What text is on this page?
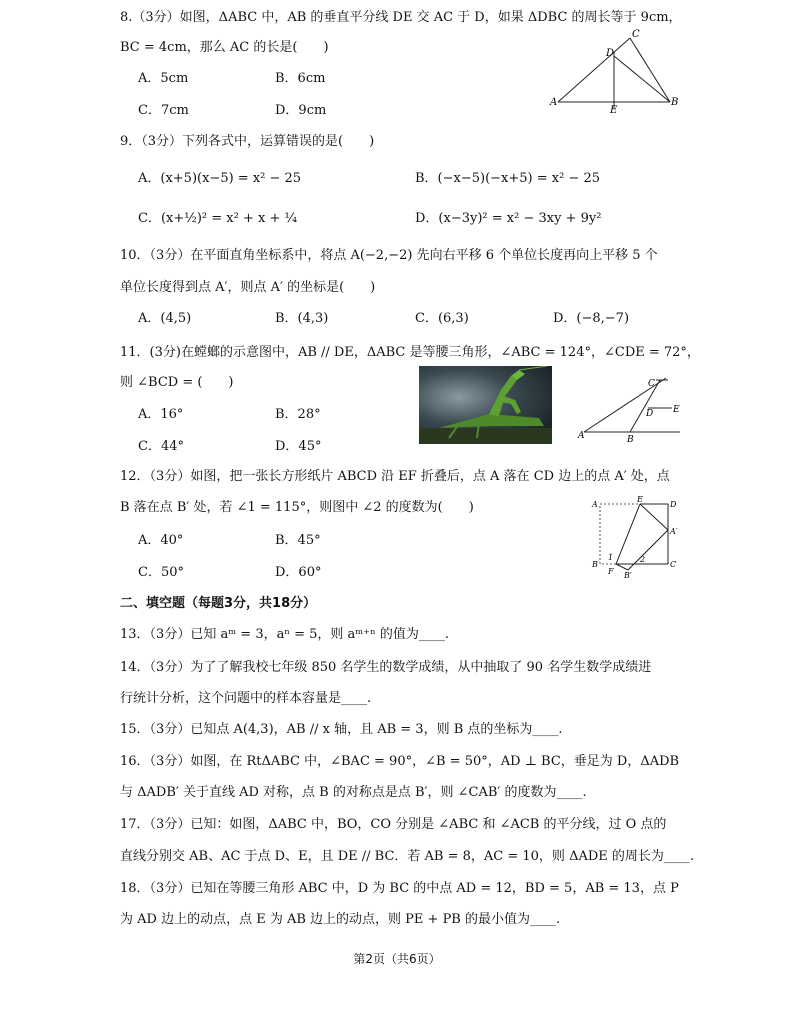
8.（3分）如图，ΔABC 中，AB 的垂直平分线 DE 交 AC 于 D，如果 ΔDBC 的周长等于 9cm，
BC = 4cm，那么 AC 的长是(　　)
A．5cm	B．6cm
C．7cm	D．9cm
C
D
A
E
B
9．（3分）下列各式中，运算错误的是(　　)
A．(x+5)(x−5) = x² − 25	B．(−x−5)(−x+5) = x² − 25
C．(x+½)² = x² + x + ¼	D．(x−3y)² = x² − 3xy + 9y²
10．（3分）在平面直角坐标系中，将点 A(−2,−2) 先向右平移 6 个单位长度再向上平移 5 个
单位长度得到点 A′，则点 A′ 的坐标是(　　)
A．(4,5)	B．(4,3)	C．(6,3)	D．(−8,−7)
11．(3分)在螳螂的示意图中，AB // DE，ΔABC 是等腰三角形，∠ABC = 124°，∠CDE = 72°，
则 ∠BCD = (　　)
A．16°	B．28°
C．44°	D．45°
C
D E
A	B
12．（3分）如图，把一张长方形纸片 ABCD 沿 EF 折叠后，点 A 落在 CD 边上的点 A′ 处，点
B 落在点 B′ 处，若 ∠1 = 115°，则图中 ∠2 的度数为(　　)
A．40°	B．45°
C．50°	D．60°
A
E
D
A′
B
F B′
C
1	2
二、填空题（每题3分，共18分）
13．（3分）已知 aᵐ = 3，aⁿ = 5，则 aᵐ⁺ⁿ 的值为____.
14．（3分）为了了解我校七年级 850 名学生的数学成绩，从中抽取了 90 名学生数学成绩进
行统计分析，这个问题中的样本容量是____.
15．（3分）已知点 A(4,3)，AB // x 轴，且 AB = 3，则 B 点的坐标为____.
16．（3分）如图，在 RtΔABC 中，∠BAC = 90°，∠B = 50°，AD ⊥ BC，垂足为 D，ΔADB
与 ΔADB′ 关于直线 AD 对称，点 B 的对称点是点 B′，则 ∠CAB′ 的度数为____.
17．（3分）已知：如图，ΔABC 中，BO，CO 分别是 ∠ABC 和 ∠ACB 的平分线，过 O 点的
直线分别交 AB、AC 于点 D、E，且 DE // BC．若 AB = 8，AC = 10，则 ΔADE 的周长为____.
18．（3分）已知在等腰三角形 ABC 中，D 为 BC 的中点 AD = 12，BD = 5，AB = 13，点 P
为 AD 边上的动点，点 E 为 AB 边上的动点，则 PE + PB 的最小值为____.
第2页（共6页）
